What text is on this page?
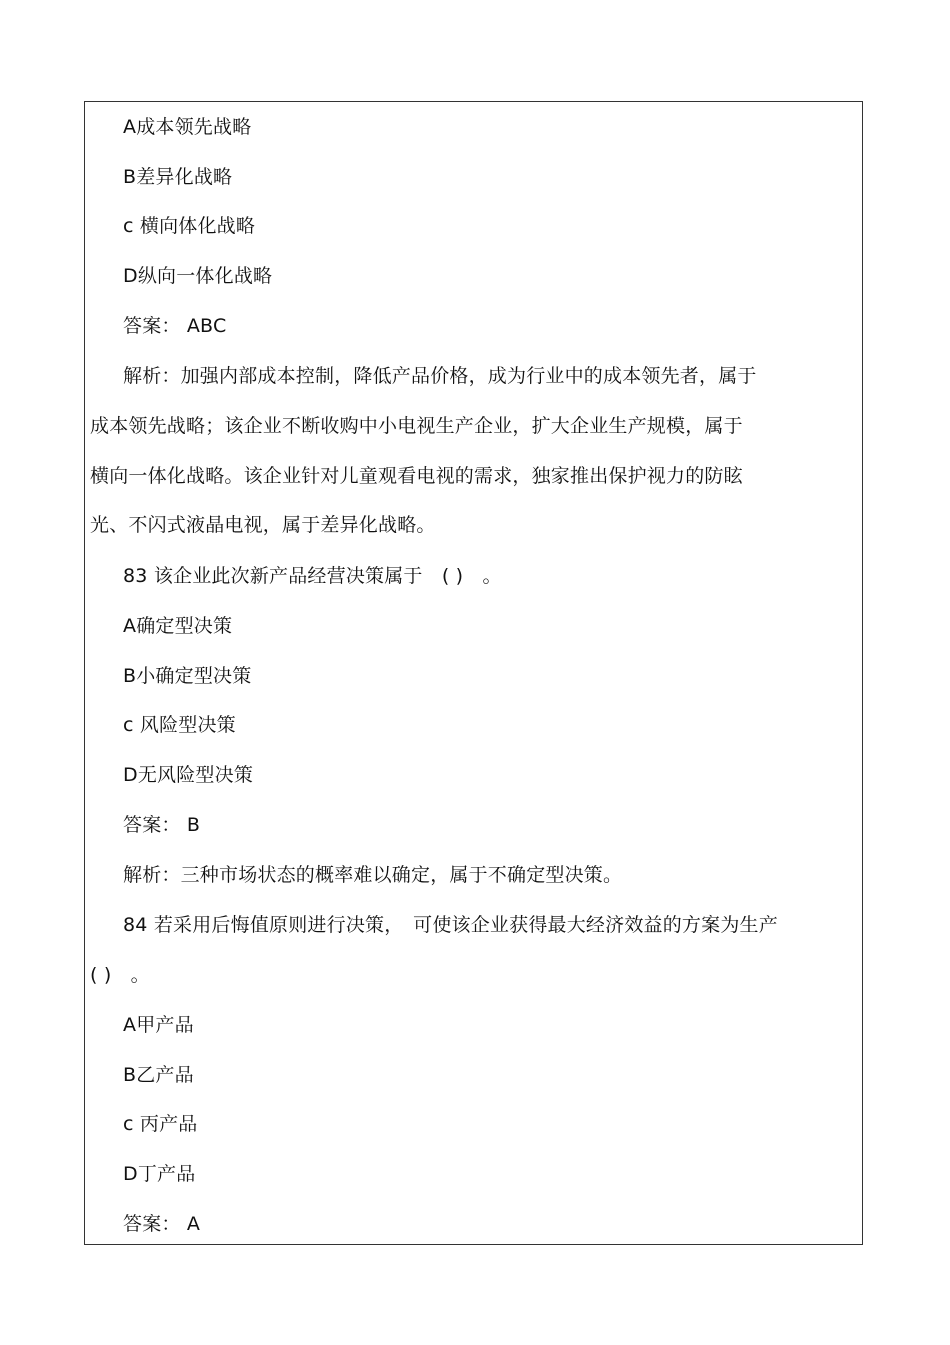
A成本领先战略
B差异化战略
c 横向体化战略
D纵向一体化战略
答案： ABC
解析：加强内部成本控制，降低产品价格，成为行业中的成本领先者，属于
成本领先战略；该企业不断收购中小电视生产企业，扩大企业生产规模，属于
横向一体化战略。该企业针对儿童观看电视的需求，独家推出保护视力的防眩
光、不闪式液晶电视，属于差异化战略。
83 该企业此次新产品经营决策属于　( )　。
A确定型决策
B小确定型决策
c 风险型决策
D无风险型决策
答案： B
解析：三种市场状态的概率难以确定，属于不确定型决策。
84 若采用后悔值原则进行决策，　可使该企业获得最大经济效益的方案为生产
( )　。
A甲产品
B乙产品
c 丙产品
D丁产品
答案： A
